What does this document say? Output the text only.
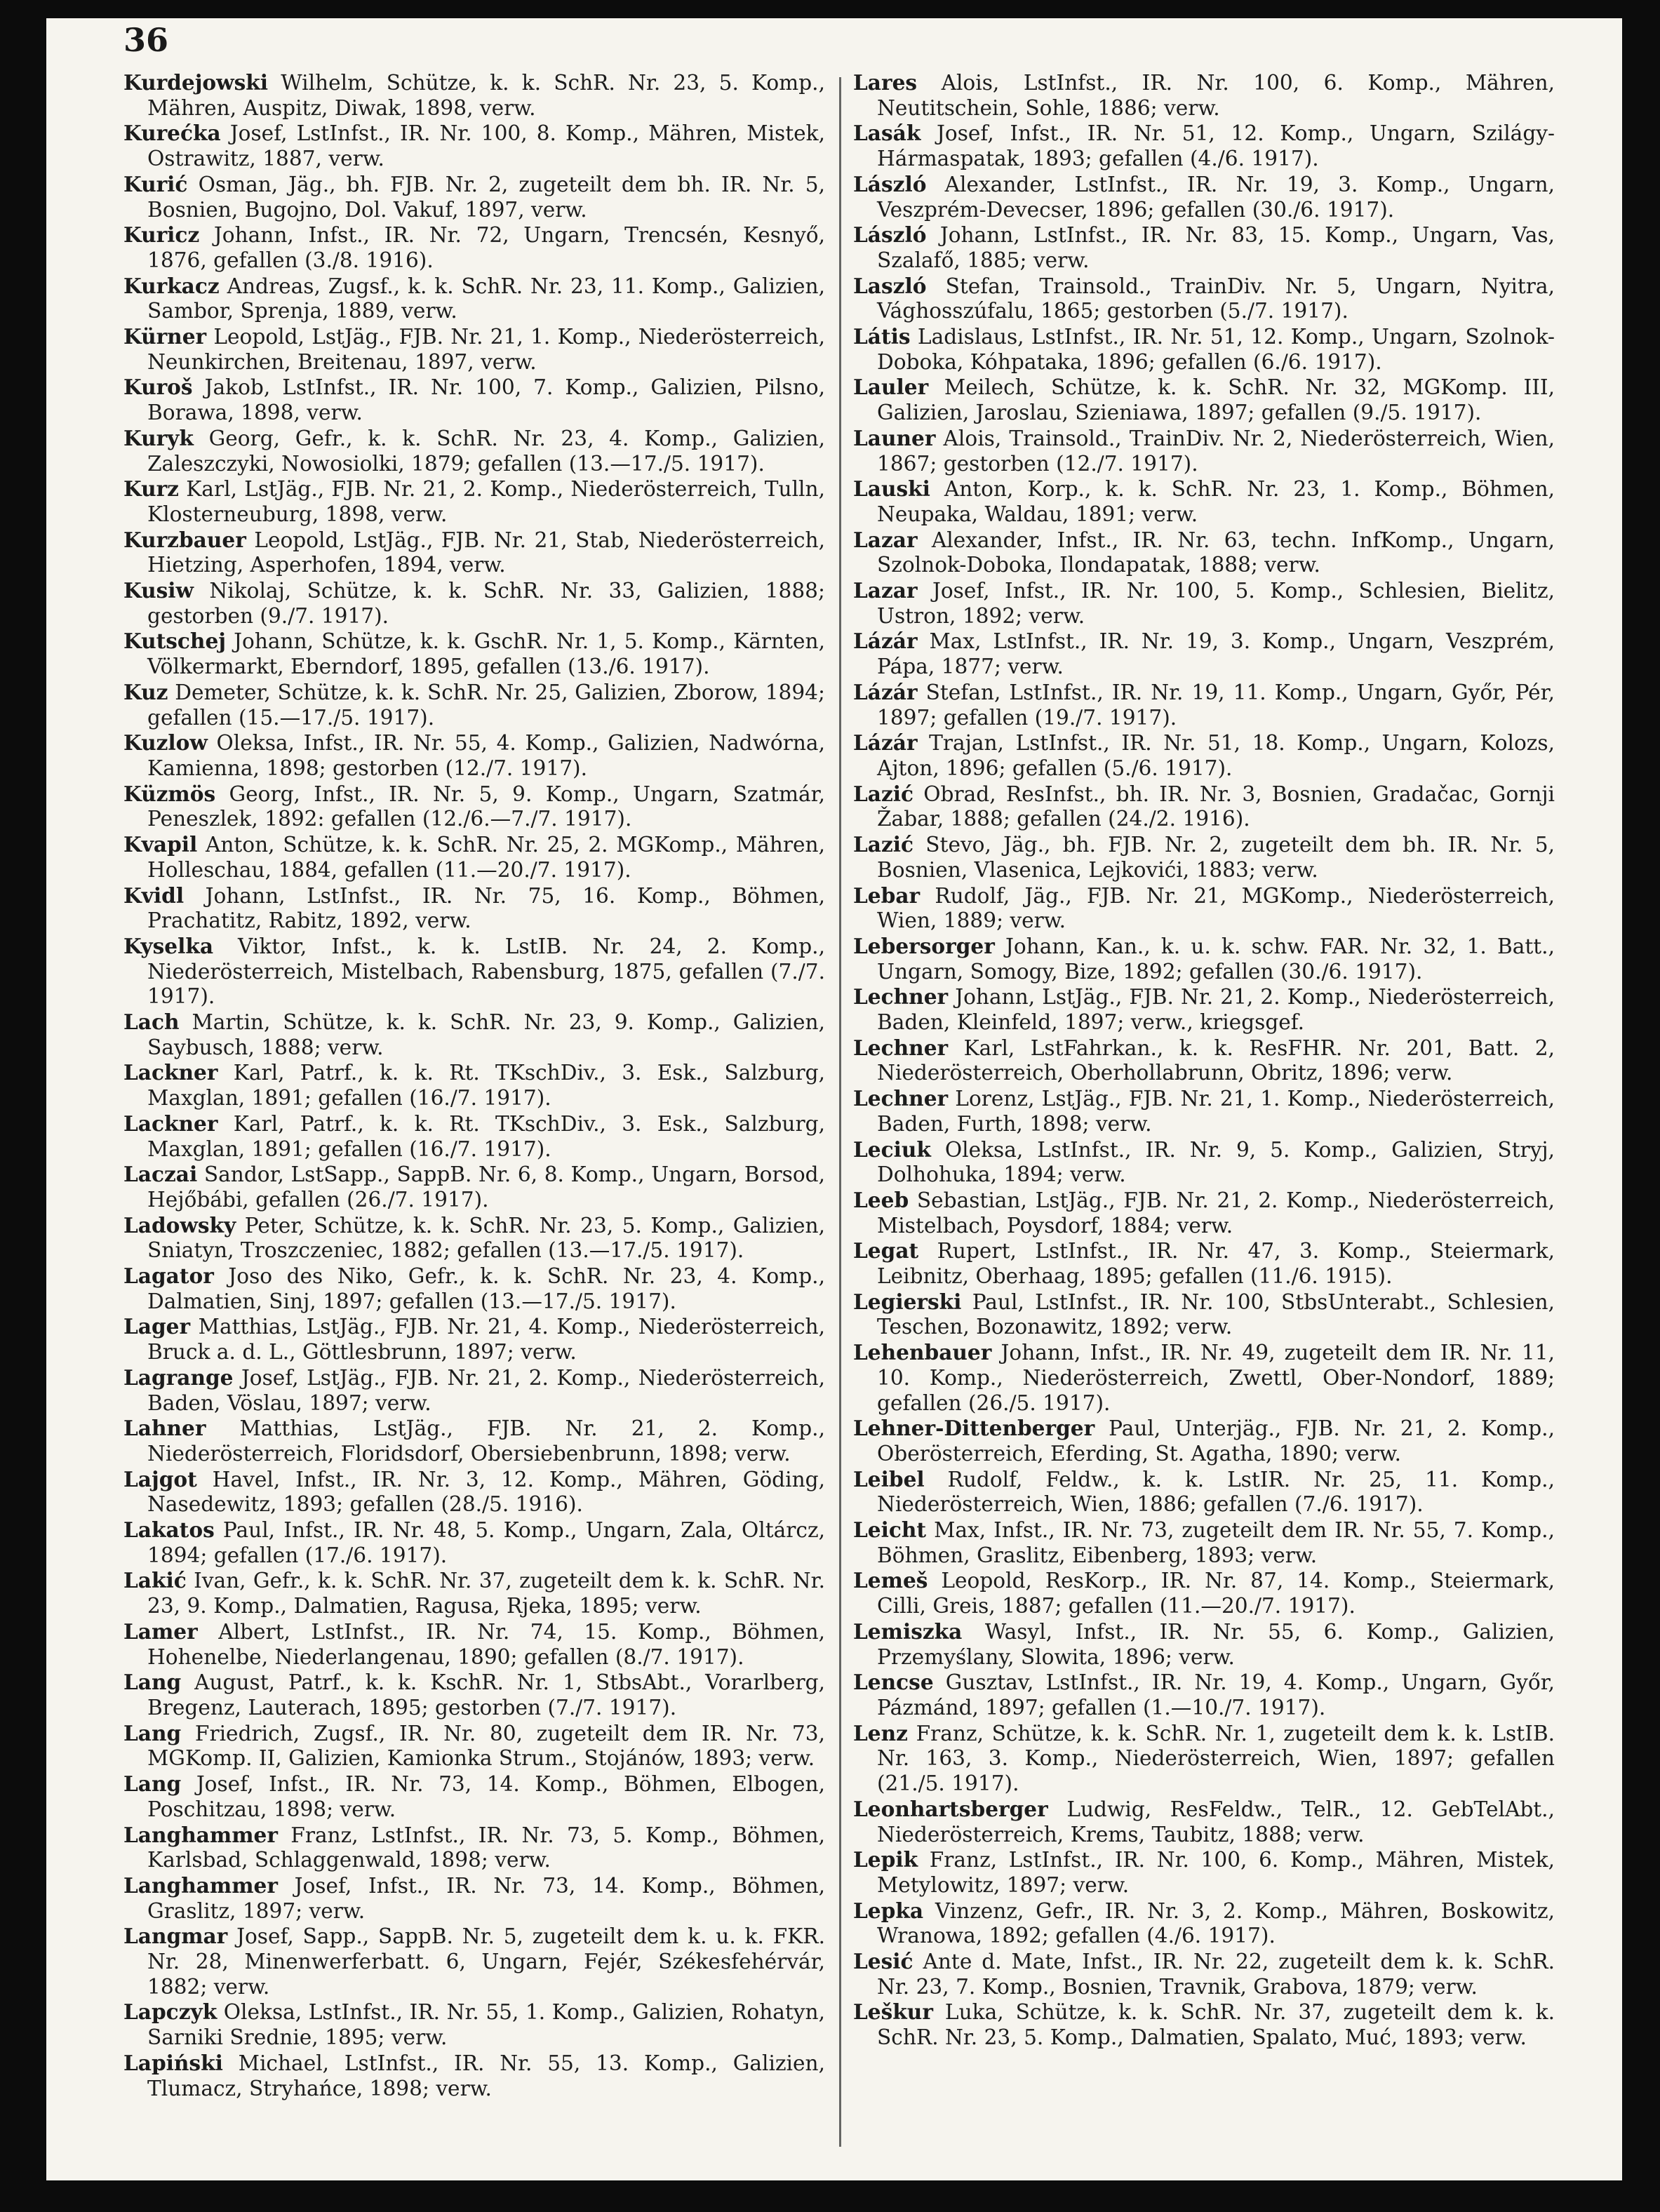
36

Kurdejowski Wilhelm, Schütze, k. k. SchR. Nr. 23, 5. Komp., Mähren, Auspitz, Diwak, 1898, verw.

Kurećka Josef, LstInfst., IR. Nr. 100, 8. Komp., Mähren, Mistek, Ostrawitz, 1887, verw.

Kurić Osman, Jäg., bh. FJB. Nr. 2, zugeteilt dem bh. IR. Nr. 5, Bosnien, Bugojno, Dol. Vakuf, 1897, verw.

Kuricz Johann, Infst., IR. Nr. 72, Ungarn, Trencsén, Kesnyő, 1876, gefallen (3./8. 1916).

Kurkacz Andreas, Zugsf., k. k. SchR. Nr. 23, 11. Komp., Galizien, Sambor, Sprenja, 1889, verw.

Kürner Leopold, LstJäg., FJB. Nr. 21, 1. Komp., Niederösterreich, Neunkirchen, Breitenau, 1897, verw.

Kuroš Jakob, LstInfst., IR. Nr. 100, 7. Komp., Galizien, Pilsno, Borawa, 1898, verw.

Kuryk Georg, Gefr., k. k. SchR. Nr. 23, 4. Komp., Galizien, Zaleszczyki, Nowosiolki, 1879; gefallen (13.—17./5. 1917).

Kurz Karl, LstJäg., FJB. Nr. 21, 2. Komp., Niederösterreich, Tulln, Klosterneuburg, 1898, verw.

Kurzbauer Leopold, LstJäg., FJB. Nr. 21, Stab, Niederösterreich, Hietzing, Asperhofen, 1894, verw.

Kusiw Nikolaj, Schütze, k. k. SchR. Nr. 33, Galizien, 1888; gestorben (9./7. 1917).

Kutschej Johann, Schütze, k. k. GschR. Nr. 1, 5. Komp., Kärnten, Völkermarkt, Eberndorf, 1895, gefallen (13./6. 1917).

Kuz Demeter, Schütze, k. k. SchR. Nr. 25, Galizien, Zborow, 1894; gefallen (15.—17./5. 1917).

Kuzlow Oleksa, Infst., IR. Nr. 55, 4. Komp., Galizien, Nadwórna, Kamienna, 1898; gestorben (12./7. 1917).

Küzmös Georg, Infst., IR. Nr. 5, 9. Komp., Ungarn, Szatmár, Peneszlek, 1892: gefallen (12./6.—7./7. 1917).

Kvapil Anton, Schütze, k. k. SchR. Nr. 25, 2. MGKomp., Mähren, Holleschau, 1884, gefallen (11.—20./7. 1917).

Kvidl Johann, LstInfst., IR. Nr. 75, 16. Komp., Böhmen, Prachatitz, Rabitz, 1892, verw.

Kyselka Viktor, Infst., k. k. LstIB. Nr. 24, 2. Komp., Niederösterreich, Mistelbach, Rabensburg, 1875, gefallen (7./7. 1917).

Lach Martin, Schütze, k. k. SchR. Nr. 23, 9. Komp., Galizien, Saybusch, 1888; verw.

Lackner Karl, Patrf., k. k. Rt. TKschDiv., 3. Esk., Salzburg, Maxglan, 1891; gefallen (16./7. 1917).

Lackner Karl, Patrf., k. k. Rt. TKschDiv., 3. Esk., Salzburg, Maxglan, 1891; gefallen (16./7. 1917).

Laczai Sandor, LstSapp., SappB. Nr. 6, 8. Komp., Ungarn, Borsod, Hejőbábi, gefallen (26./7. 1917).

Ladowsky Peter, Schütze, k. k. SchR. Nr. 23, 5. Komp., Galizien, Sniatyn, Troszczeniec, 1882; gefallen (13.—17./5. 1917).

Lagator Joso des Niko, Gefr., k. k. SchR. Nr. 23, 4. Komp., Dalmatien, Sinj, 1897; gefallen (13.—17./5. 1917).

Lager Matthias, LstJäg., FJB. Nr. 21, 4. Komp., Niederösterreich, Bruck a. d. L., Göttlesbrunn, 1897; verw.

Lagrange Josef, LstJäg., FJB. Nr. 21, 2. Komp., Niederösterreich, Baden, Vöslau, 1897; verw.

Lahner Matthias, LstJäg., FJB. Nr. 21, 2. Komp., Niederösterreich, Floridsdorf, Obersiebenbrunn, 1898; verw.

Lajgot Havel, Infst., IR. Nr. 3, 12. Komp., Mähren, Göding, Nasedewitz, 1893; gefallen (28./5. 1916).

Lakatos Paul, Infst., IR. Nr. 48, 5. Komp., Ungarn, Zala, Oltárcz, 1894; gefallen (17./6. 1917).

Lakić Ivan, Gefr., k. k. SchR. Nr. 37, zugeteilt dem k. k. SchR. Nr. 23, 9. Komp., Dalmatien, Ragusa, Rjeka, 1895; verw.

Lamer Albert, LstInfst., IR. Nr. 74, 15. Komp., Böhmen, Hohenelbe, Niederlangenau, 1890; gefallen (8./7. 1917).

Lang August, Patrf., k. k. KschR. Nr. 1, StbsAbt., Vorarlberg, Bregenz, Lauterach, 1895; gestorben (7./7. 1917).

Lang Friedrich, Zugsf., IR. Nr. 80, zugeteilt dem IR. Nr. 73, MGKomp. II, Galizien, Kamionka Strum., Stojánów, 1893; verw.

Lang Josef, Infst., IR. Nr. 73, 14. Komp., Böhmen, Elbogen, Poschitzau, 1898; verw.

Langhammer Franz, LstInfst., IR. Nr. 73, 5. Komp., Böhmen, Karlsbad, Schlaggenwald, 1898; verw.

Langhammer Josef, Infst., IR. Nr. 73, 14. Komp., Böhmen, Graslitz, 1897; verw.

Langmar Josef, Sapp., SappB. Nr. 5, zugeteilt dem k. u. k. FKR. Nr. 28, Minenwerferbatt. 6, Ungarn, Fejér, Székesfehérvár, 1882; verw.

Lapczyk Oleksa, LstInfst., IR. Nr. 55, 1. Komp., Galizien, Rohatyn, Sarniki Srednie, 1895; verw.

Lapiński Michael, LstInfst., IR. Nr. 55, 13. Komp., Galizien, Tlumacz, Stryhańce, 1898; verw.

Lares Alois, LstInfst., IR. Nr. 100, 6. Komp., Mähren, Neutitschein, Sohle, 1886; verw.

Lasák Josef, Infst., IR. Nr. 51, 12. Komp., Ungarn, Szilágy-Hármaspatak, 1893; gefallen (4./6. 1917).

László Alexander, LstInfst., IR. Nr. 19, 3. Komp., Ungarn, Veszprém-Devecser, 1896; gefallen (30./6. 1917).

László Johann, LstInfst., IR. Nr. 83, 15. Komp., Ungarn, Vas, Szalafő, 1885; verw.

Laszló Stefan, Trainsold., TrainDiv. Nr. 5, Ungarn, Nyitra, Vághosszúfalu, 1865; gestorben (5./7. 1917).

Látis Ladislaus, LstInfst., IR. Nr. 51, 12. Komp., Ungarn, Szolnok-Doboka, Kóhpataka, 1896; gefallen (6./6. 1917).

Lauler Meilech, Schütze, k. k. SchR. Nr. 32, MGKomp. III, Galizien, Jaroslau, Szieniawa, 1897; gefallen (9./5. 1917).

Launer Alois, Trainsold., TrainDiv. Nr. 2, Niederösterreich, Wien, 1867; gestorben (12./7. 1917).

Lauski Anton, Korp., k. k. SchR. Nr. 23, 1. Komp., Böhmen, Neupaka, Waldau, 1891; verw.

Lazar Alexander, Infst., IR. Nr. 63, techn. InfKomp., Ungarn, Szolnok-Doboka, Ilondapatak, 1888; verw.

Lazar Josef, Infst., IR. Nr. 100, 5. Komp., Schlesien, Bielitz, Ustron, 1892; verw.

Lázár Max, LstInfst., IR. Nr. 19, 3. Komp., Ungarn, Veszprém, Pápa, 1877; verw.

Lázár Stefan, LstInfst., IR. Nr. 19, 11. Komp., Ungarn, Győr, Pér, 1897; gefallen (19./7. 1917).

Lázár Trajan, LstInfst., IR. Nr. 51, 18. Komp., Ungarn, Kolozs, Ajton, 1896; gefallen (5./6. 1917).

Lazić Obrad, ResInfst., bh. IR. Nr. 3, Bosnien, Gradačac, Gornji Žabar, 1888; gefallen (24./2. 1916).

Lazić Stevo, Jäg., bh. FJB. Nr. 2, zugeteilt dem bh. IR. Nr. 5, Bosnien, Vlasenica, Lejkovići, 1883; verw.

Lebar Rudolf, Jäg., FJB. Nr. 21, MGKomp., Niederösterreich, Wien, 1889; verw.

Lebersorger Johann, Kan., k. u. k. schw. FAR. Nr. 32, 1. Batt., Ungarn, Somogy, Bize, 1892; gefallen (30./6. 1917).

Lechner Johann, LstJäg., FJB. Nr. 21, 2. Komp., Niederösterreich, Baden, Kleinfeld, 1897; verw., kriegsgef.

Lechner Karl, LstFahrkan., k. k. ResFHR. Nr. 201, Batt. 2, Niederösterreich, Oberhollabrunn, Obritz, 1896; verw.

Lechner Lorenz, LstJäg., FJB. Nr. 21, 1. Komp., Niederösterreich, Baden, Furth, 1898; verw.

Leciuk Oleksa, LstInfst., IR. Nr. 9, 5. Komp., Galizien, Stryj, Dolhohuka, 1894; verw.

Leeb Sebastian, LstJäg., FJB. Nr. 21, 2. Komp., Niederösterreich, Mistelbach, Poysdorf, 1884; verw.

Legat Rupert, LstInfst., IR. Nr. 47, 3. Komp., Steiermark, Leibnitz, Oberhaag, 1895; gefallen (11./6. 1915).

Legierski Paul, LstInfst., IR. Nr. 100, StbsUnterabt., Schlesien, Teschen, Bozonawitz, 1892; verw.

Lehenbauer Johann, Infst., IR. Nr. 49, zugeteilt dem IR. Nr. 11, 10. Komp., Niederösterreich, Zwettl, Ober-Nondorf, 1889; gefallen (26./5. 1917).

Lehner-Dittenberger Paul, Unterjäg., FJB. Nr. 21, 2. Komp., Oberösterreich, Eferding, St. Agatha, 1890; verw.

Leibel Rudolf, Feldw., k. k. LstIR. Nr. 25, 11. Komp., Niederösterreich, Wien, 1886; gefallen (7./6. 1917).

Leicht Max, Infst., IR. Nr. 73, zugeteilt dem IR. Nr. 55, 7. Komp., Böhmen, Graslitz, Eibenberg, 1893; verw.

Lemeš Leopold, ResKorp., IR. Nr. 87, 14. Komp., Steiermark, Cilli, Greis, 1887; gefallen (11.—20./7. 1917).

Lemiszka Wasyl, Infst., IR. Nr. 55, 6. Komp., Galizien, Przemyślany, Slowita, 1896; verw.

Lencse Gusztav, LstInfst., IR. Nr. 19, 4. Komp., Ungarn, Győr, Pázmánd, 1897; gefallen (1.—10./7. 1917).

Lenz Franz, Schütze, k. k. SchR. Nr. 1, zugeteilt dem k. k. LstIB. Nr. 163, 3. Komp., Niederösterreich, Wien, 1897; gefallen (21./5. 1917).

Leonhartsberger Ludwig, ResFeldw., TelR., 12. GebTelAbt., Niederösterreich, Krems, Taubitz, 1888; verw.

Lepik Franz, LstInfst., IR. Nr. 100, 6. Komp., Mähren, Mistek, Metylowitz, 1897; verw.

Lepka Vinzenz, Gefr., IR. Nr. 3, 2. Komp., Mähren, Boskowitz, Wranowa, 1892; gefallen (4./6. 1917).

Lesić Ante d. Mate, Infst., IR. Nr. 22, zugeteilt dem k. k. SchR. Nr. 23, 7. Komp., Bosnien, Travnik, Grabova, 1879; verw.

Leškur Luka, Schütze, k. k. SchR. Nr. 37, zugeteilt dem k. k. SchR. Nr. 23, 5. Komp., Dalmatien, Spalato, Muć, 1893; verw.
